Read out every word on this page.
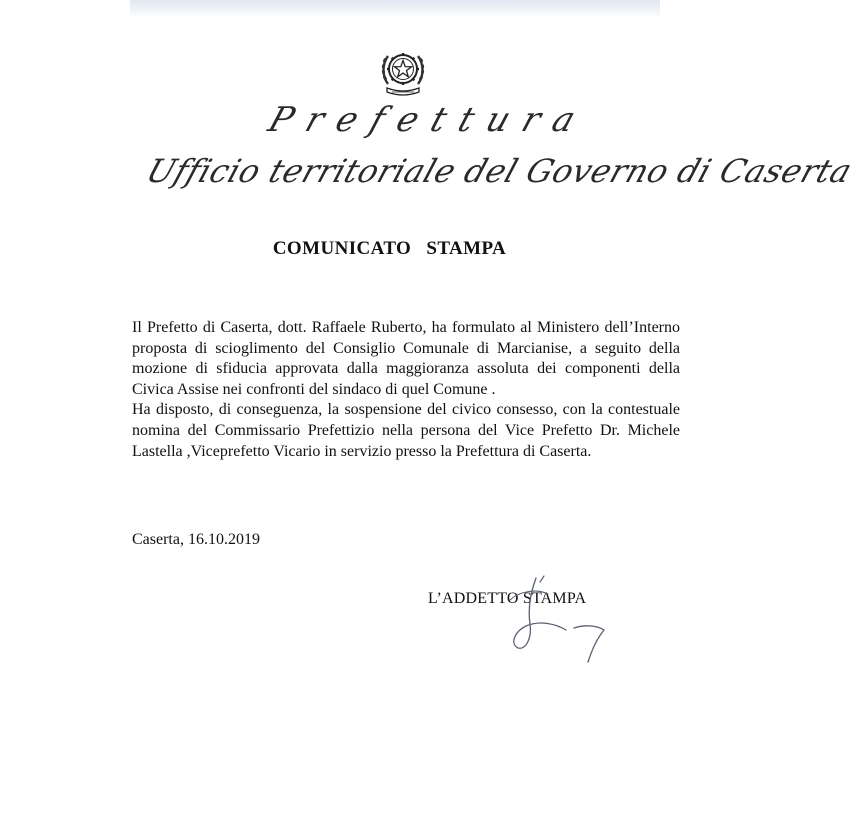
Prefettura
Ufficio territoriale del Governo di Caserta
COMUNICATO STAMPA

Il Prefetto di Caserta, dott. Raffaele Ruberto, ha formulato al Ministero dell’Interno proposta di scioglimento del Consiglio Comunale di Marcianise, a seguito della mozione di sfiducia approvata dalla maggioranza assoluta dei componenti della Civica Assise nei confronti del sindaco di quel Comune .

Ha disposto, di conseguenza, la sospensione del civico consesso, con la contestuale nomina del Commissario Prefettizio nella persona del Vice Prefetto Dr. Michele Lastella ,Viceprefetto Vicario in servizio presso la Prefettura di Caserta.

Caserta, 16.10.2019
L’ADDETTO STAMPA
